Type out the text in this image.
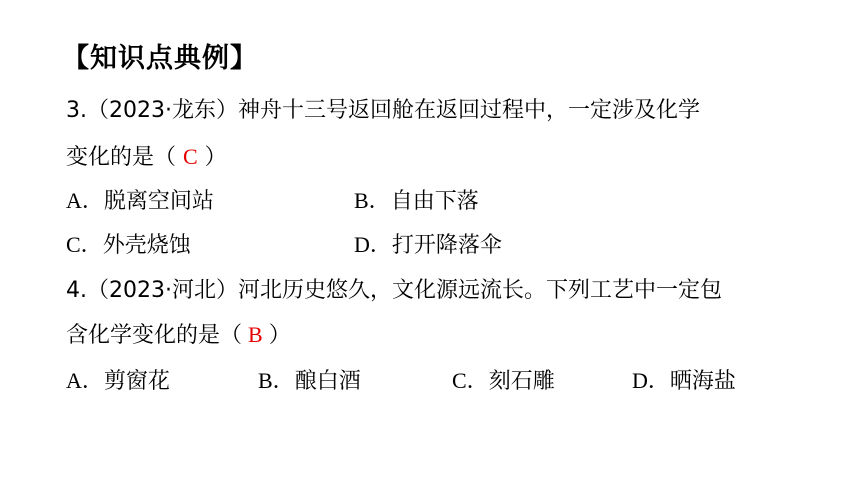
【知识点典例】
3.（2023·龙东）神舟十三号返回舱在返回过程中，一定涉及化学
变化的是（ C ）
A．脱离空间站	B．自由下落
C．外壳烧蚀	D．打开降落伞
4.（2023·河北）河北历史悠久，文化源远流长。下列工艺中一定包
含化学变化的是（ B ）
A．剪窗花	B．酿白酒	C．刻石雕	D．晒海盐
